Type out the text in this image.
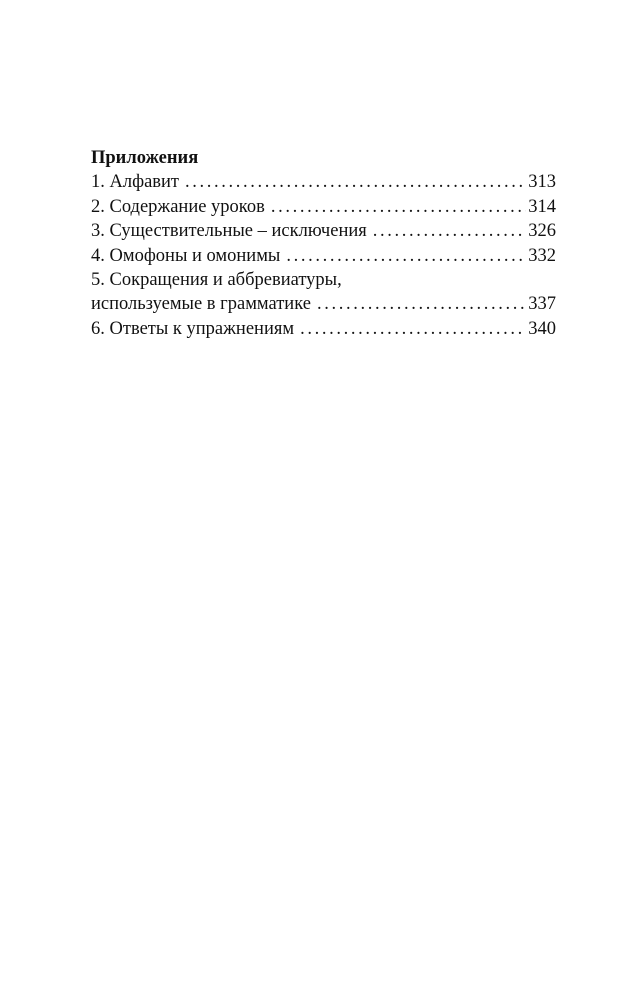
Приложения
1. Алфавит . . .	313
2. Содержание уроков . . .	314
3. Существительные – исключения . . .	326
4. Омофоны и омонимы . . .	332
5. Сокращения и аббревиатуры,
используемые в грамматике . . .	337
6. Ответы к упражнениям . . .	340
